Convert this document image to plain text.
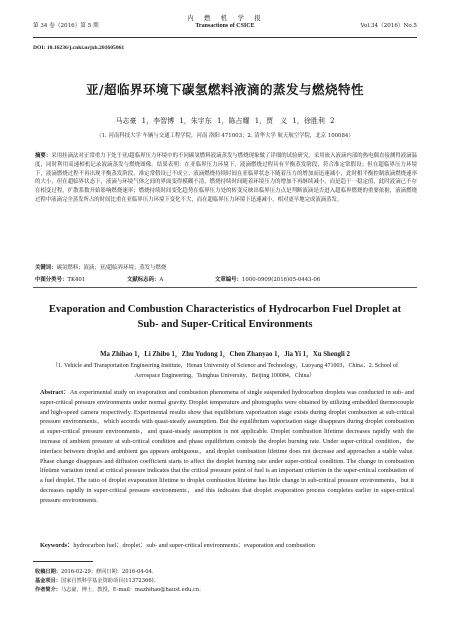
第 34 卷（2016）第 5 期
内　燃　机　学　报
Transactions of CSICE	Vol.34（2016）No.5
DOI: 10.16236/j.cnki.nrjxb.201605061
亚/超临界环境下碳氢燃料液滴的蒸发与燃烧特性
马志豪 1，李智博 1，朱宇东 1，陈占耀 1，贾　义 1，徐胜利 2
（1. 河南科技大学 车辆与交通工程学院，河南 洛阳 471003；2. 清华大学 航天航空学院，北京 100084）
摘要：采用挂滴法对正常重力下处于亚/超临界压力环境中的不同碳氢燃料液滴蒸发与燃烧现象做了详细的试验研究。采用嵌入液滴内部的热电偶直接测得液滴温度，同时利用高速相机记录液滴蒸发与燃烧图像。结果表明：在亚临界压力环境下，液滴燃烧过程具有平衡蒸发阶段，符合准定常假设；但在超临界压力环境下，液滴燃烧过程不再出现平衡蒸发阶段，准定常假设已不成立；液滴燃烧持续时间在亚临界状态下随着压力的增加而迅速减小，此时相平衡控制液滴燃烧速率的大小，但在超临界状态下，液滴与环境气体之间的界面变得模糊不清，燃烧持续时间随着环境压力的增加不再继续减小，而是趋于一稳定值，此时液滴已不存在相变过程，扩散系数开始影响燃烧速率；燃烧持续时间变化趋势在临界压力处的转变反映出临界压力点是判断液滴是否进入超临界燃烧的重要依据，液滴燃烧过程中液滴完全蒸发所占的时间比重在亚临界压力环境下变化不大，而在超临界压力环境下迅速减小，相对更早地完成液滴蒸发。
关键词：碳氢燃料；液滴；亚/超临界环境；蒸发与燃烧
中图分类号：TK401	文献标志码：A	文章编号：1000-0909(2016)05-0443-06
Evaporation and Combustion Characteristics of Hydrocarbon Fuel Droplet at Sub- and Super-Critical Environments
Ma Zhihao 1，Li Zhibo 1，Zhu Yudong 1，Chen Zhanyao 1，Jia Yi 1，Xu Shengli 2
（1. Vehicle and Transportation Engineering Institute，Henan University of Science and Technology，Luoyang 471003，China；2. School of Aerospace Engineering，Tsinghua University，Beijing 100084，China）
Abstract：An experimental study on evaporation and combustion phenomena of single suspended hydrocarbon droplets was conducted in sub- and super-critical pressure environments under normal gravity. Droplet temperature and photographs were obtained by utilizing embedded thermocouple and high-speed camera respectively. Experimental results show that equilibrium vaporization stage exists during droplet combustion at sub-critical pressure environments，which accords with quasi-steady assumption. But the equilibrium vaporization stage disappears during droplet combustion at super-critical pressure environments，and quasi-steady assumption is not applicable. Droplet combustion lifetime decreases rapidly with the increase of ambient pressure at sub-critical condition and phase equilibrium controls the droplet burning rate. Under super-critical condition，the interface between droplet and ambient gas appears ambiguous，and droplet combustion lifetime does not decrease and approaches a stable value. Phase change disappears and diffusion coefficient starts to affect the droplet burning rate under super-critical condition. The change in combustion lifetime variation trend at critical pressure indicates that the critical pressure point of fuel is an important criterion in the super-critical combustion of a fuel droplet. The ratio of droplet evaporation lifetime to droplet combustion lifetime has little change in sub-critical pressure environments，but it decreases rapidly in super-critical pressure environments，and this indicates that droplet evaporation process completes earlier in super-critical pressure environments.
Keywords：hydrocarbon fuel；droplet；sub- and super-critical environments；evaporation and combustion
收稿日期：2016-02-29；修回日期：2016-04-04.
基金项目：国家自然科学基金资助项目(11372366).
作者简介：马志豪，博士，教授，E-mail：mazhihao@haust.edu.cn.
